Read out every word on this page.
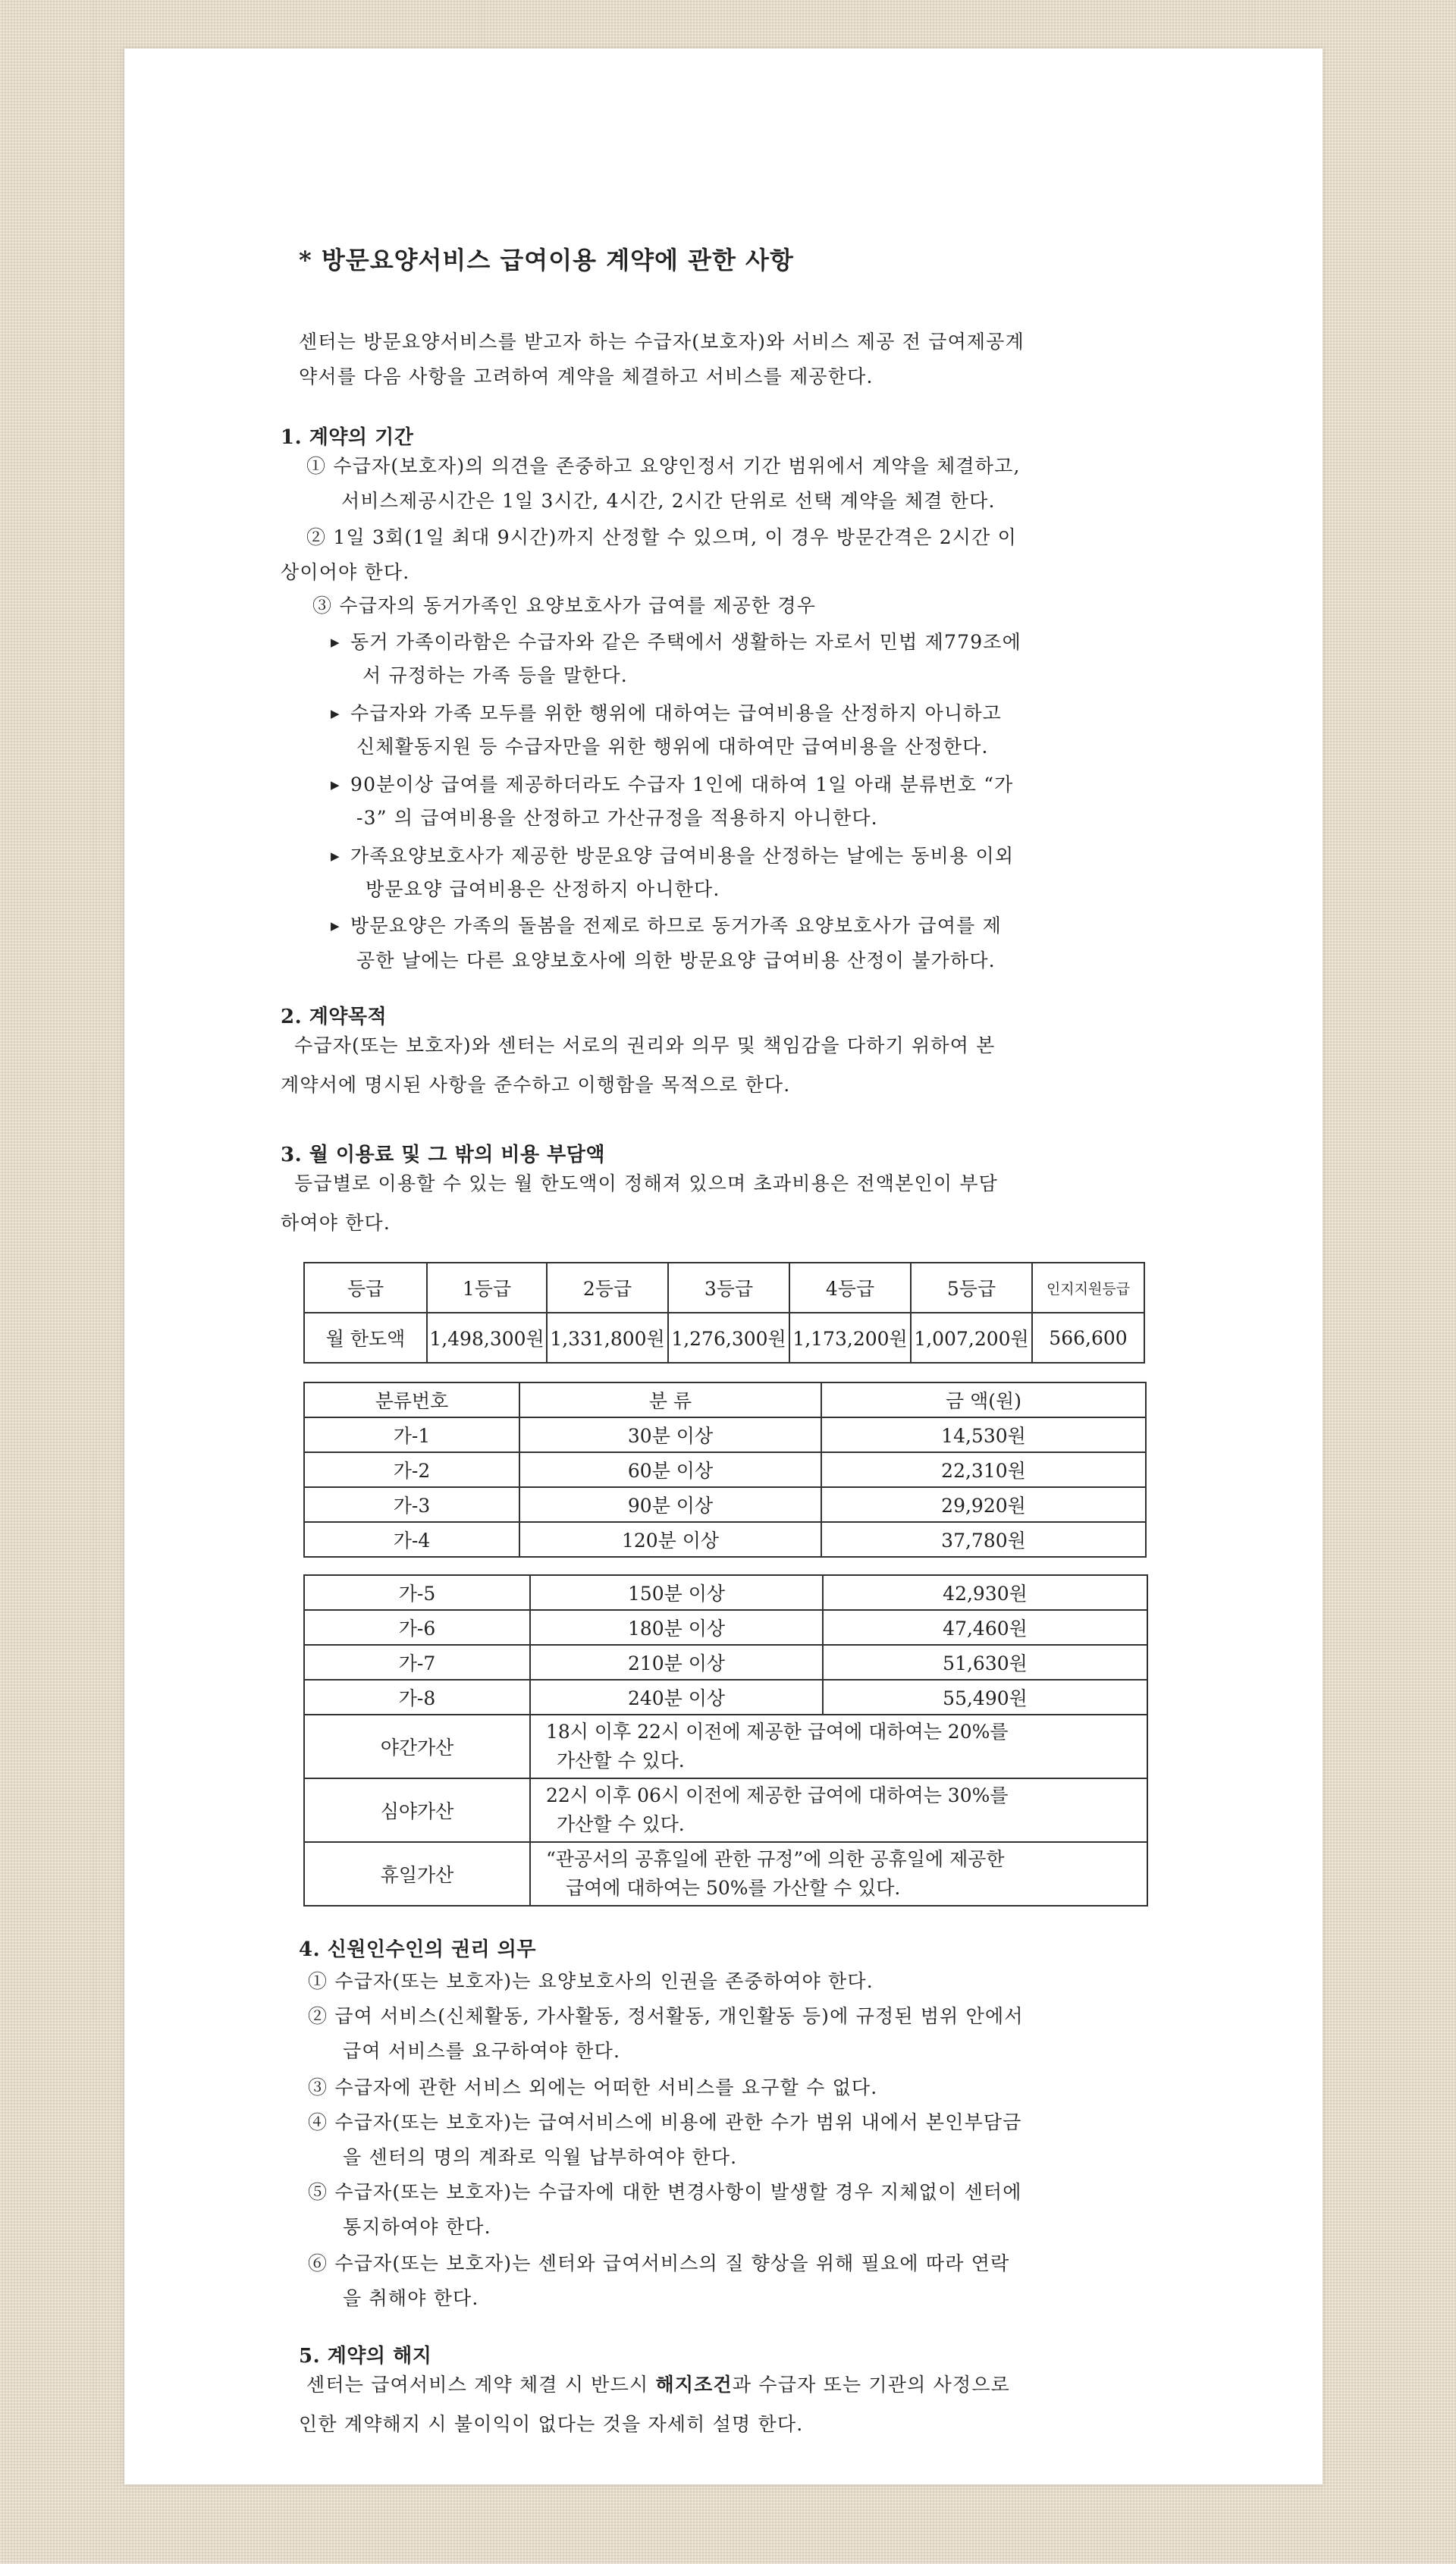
* 방문요양서비스 급여이용 계약에 관한 사항
센터는 방문요양서비스를 받고자 하는 수급자(보호자)와 서비스 제공 전 급여제공계
약서를 다음 사항을 고려하여 계약을 체결하고 서비스를 제공한다.
1. 계약의 기간
① 수급자(보호자)의 의견을 존중하고 요양인정서 기간 범위에서 계약을 체결하고,
서비스제공시간은 1일 3시간, 4시간, 2시간 단위로 선택 계약을 체결 한다.
② 1일 3회(1일 최대 9시간)까지 산정할 수 있으며, 이 경우 방문간격은 2시간 이
상이어야 한다.
③ 수급자의 동거가족인 요양보호사가 급여를 제공한 경우
▶ 동거 가족이라함은 수급자와 같은 주택에서 생활하는 자로서 민법 제779조에
서 규정하는 가족 등을 말한다.
▶ 수급자와 가족 모두를 위한 행위에 대하여는 급여비용을 산정하지 아니하고
신체활동지원 등 수급자만을 위한 행위에 대하여만 급여비용을 산정한다.
▶ 90분이상 급여를 제공하더라도 수급자 1인에 대하여 1일 아래 분류번호 “가
-3” 의 급여비용을 산정하고 가산규정을 적용하지 아니한다.
▶ 가족요양보호사가 제공한 방문요양 급여비용을 산정하는 날에는 동비용 이외
방문요양 급여비용은 산정하지 아니한다.
▶ 방문요양은 가족의 돌봄을 전제로 하므로 동거가족 요양보호사가 급여를 제
공한 날에는 다른 요양보호사에 의한 방문요양 급여비용 산정이 불가하다.
2. 계약목적
수급자(또는 보호자)와 센터는 서로의 권리와 의무 및 책임감을 다하기 위하여 본
계약서에 명시된 사항을 준수하고 이행함을 목적으로 한다.
3. 월 이용료 및 그 밖의 비용 부담액
등급별로 이용할 수 있는 월 한도액이 정해져 있으며 초과비용은 전액본인이 부담
하여야 한다.
등급	1등급	2등급	3등급	4등급	5등급	인지지원등급
월 한도액	1,498,300원	1,331,800원	1,276,300원	1,173,200원	1,007,200원	566,600
분류번호	분 류	금 액(원)
가-1	30분 이상	14,530원
가-2	60분 이상	22,310원
가-3	90분 이상	29,920원
가-4	120분 이상	37,780원
가-5	150분 이상	42,930원
가-6	180분 이상	47,460원
가-7	210분 이상	51,630원
가-8	240분 이상	55,490원
야간가산	18시 이후 22시 이전에 제공한 급여에 대하여는 20%를
가산할 수 있다.	

심야가산	22시 이후 06시 이전에 제공한 급여에 대하여는 30%를
가산할 수 있다.	

휴일가산	“관공서의 공휴일에 관한 규정”에 의한 공휴일에 제공한
급여에 대하여는 50%를 가산할 수 있다.	
4. 신원인수인의 권리 의무
① 수급자(또는 보호자)는 요양보호사의 인권을 존중하여야 한다.
② 급여 서비스(신체활동, 가사활동, 정서활동, 개인활동 등)에 규정된 범위 안에서
급여 서비스를 요구하여야 한다.
③ 수급자에 관한 서비스 외에는 어떠한 서비스를 요구할 수 없다.
④ 수급자(또는 보호자)는 급여서비스에 비용에 관한 수가 범위 내에서 본인부담금
을 센터의 명의 계좌로 익월 납부하여야 한다.
⑤ 수급자(또는 보호자)는 수급자에 대한 변경사항이 발생할 경우 지체없이 센터에
통지하여야 한다.
⑥ 수급자(또는 보호자)는 센터와 급여서비스의 질 향상을 위해 필요에 따라 연락
을 취해야 한다.
5. 계약의 해지
센터는 급여서비스 계약 체결 시 반드시 해지조건과 수급자 또는 기관의 사정으로
인한 계약해지 시 불이익이 없다는 것을 자세히 설명 한다.
